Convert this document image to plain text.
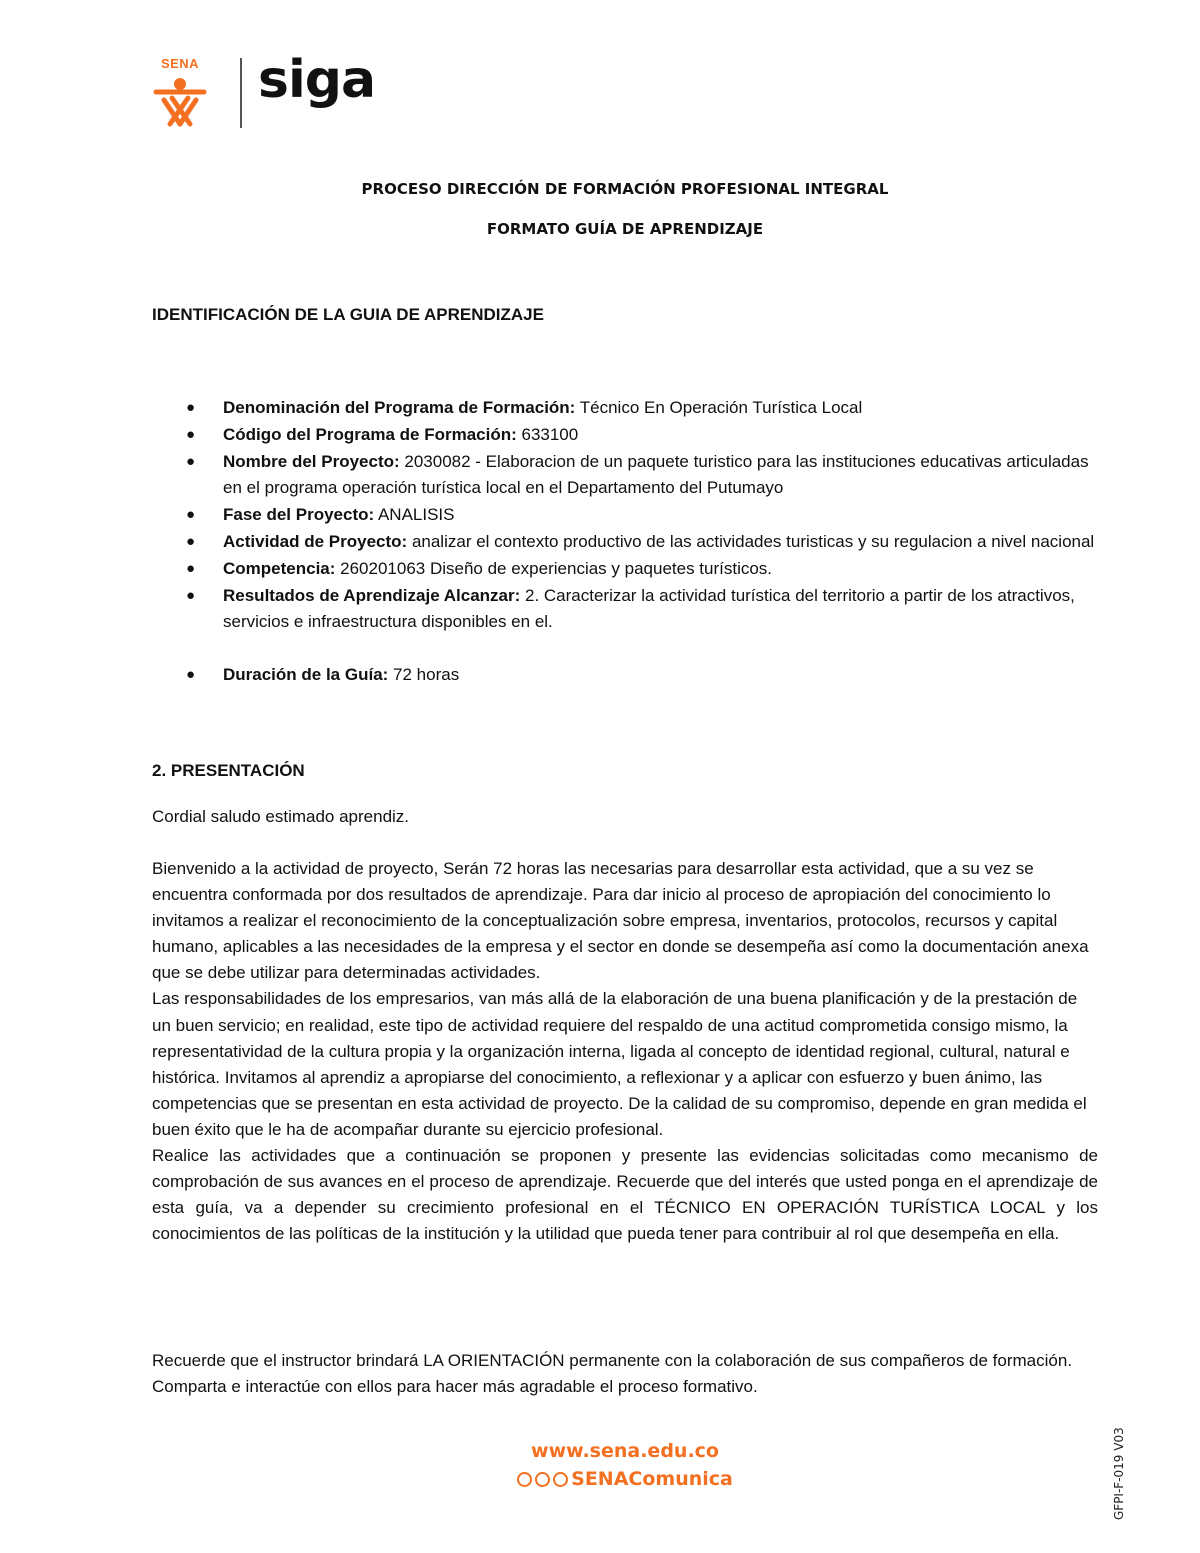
SENA siga
PROCESO DIRECCIÓN DE FORMACIÓN PROFESIONAL INTEGRAL
FORMATO GUÍA DE APRENDIZAJE
IDENTIFICACIÓN DE LA GUIA DE APRENDIZAJE
● Denominación del Programa de Formación: Técnico En Operación Turística Local
● Código del Programa de Formación: 633100
● Nombre del Proyecto: 2030082 - Elaboracion de un paquete turistico para las instituciones educativas articuladas en el programa operación turística local en el Departamento del Putumayo
● Fase del Proyecto: ANALISIS
● Actividad de Proyecto: analizar el contexto productivo de las actividades turisticas y su regulacion a nivel nacional
● Competencia: 260201063 Diseño de experiencias y paquetes turísticos.
● Resultados de Aprendizaje Alcanzar: 2. Caracterizar la actividad turística del territorio a partir de los atractivos, servicios e infraestructura disponibles en el.
● Duración de la Guía: 72 horas
2. PRESENTACIÓN

Cordial saludo estimado aprendiz.

Bienvenido a la actividad de proyecto, Serán 72 horas las necesarias para desarrollar esta actividad, que a su vez se encuentra conformada por dos resultados de aprendizaje. Para dar inicio al proceso de apropiación del conocimiento lo invitamos a realizar el reconocimiento de la conceptualización sobre empresa, inventarios, protocolos, recursos y capital humano, aplicables a las necesidades de la empresa y el sector en donde se desempeña así como la documentación anexa que se debe utilizar para determinadas actividades.
Las responsabilidades de los empresarios, van más allá de la elaboración de una buena planificación y de la prestación de un buen servicio; en realidad, este tipo de actividad requiere del respaldo de una actitud comprometida consigo mismo, la representatividad de la cultura propia y la organización interna, ligada al concepto de identidad regional, cultural, natural e histórica. Invitamos al aprendiz a apropiarse del conocimiento, a reflexionar y a aplicar con esfuerzo y buen ánimo, las competencias que se presentan en esta actividad de proyecto. De la calidad de su compromiso, depende en gran medida el buen éxito que le ha de acompañar durante su ejercicio profesional.
Realice las actividades que a continuación se proponen y presente las evidencias solicitadas como mecanismo de comprobación de sus avances en el proceso de aprendizaje. Recuerde que del interés que usted ponga en el aprendizaje de esta guía, va a depender su crecimiento profesional en el TÉCNICO EN OPERACIÓN TURÍSTICA LOCAL y los conocimientos de las políticas de la institución y la utilidad que pueda tener para contribuir al rol que desempeña en ella.

Recuerde que el instructor brindará LA ORIENTACIÓN permanente con la colaboración de sus compañeros de formación. Comparta e interactúe con ellos para hacer más agradable el proceso formativo.

www.sena.edu.co
SENAComunica	GFPI-F-019 V03
